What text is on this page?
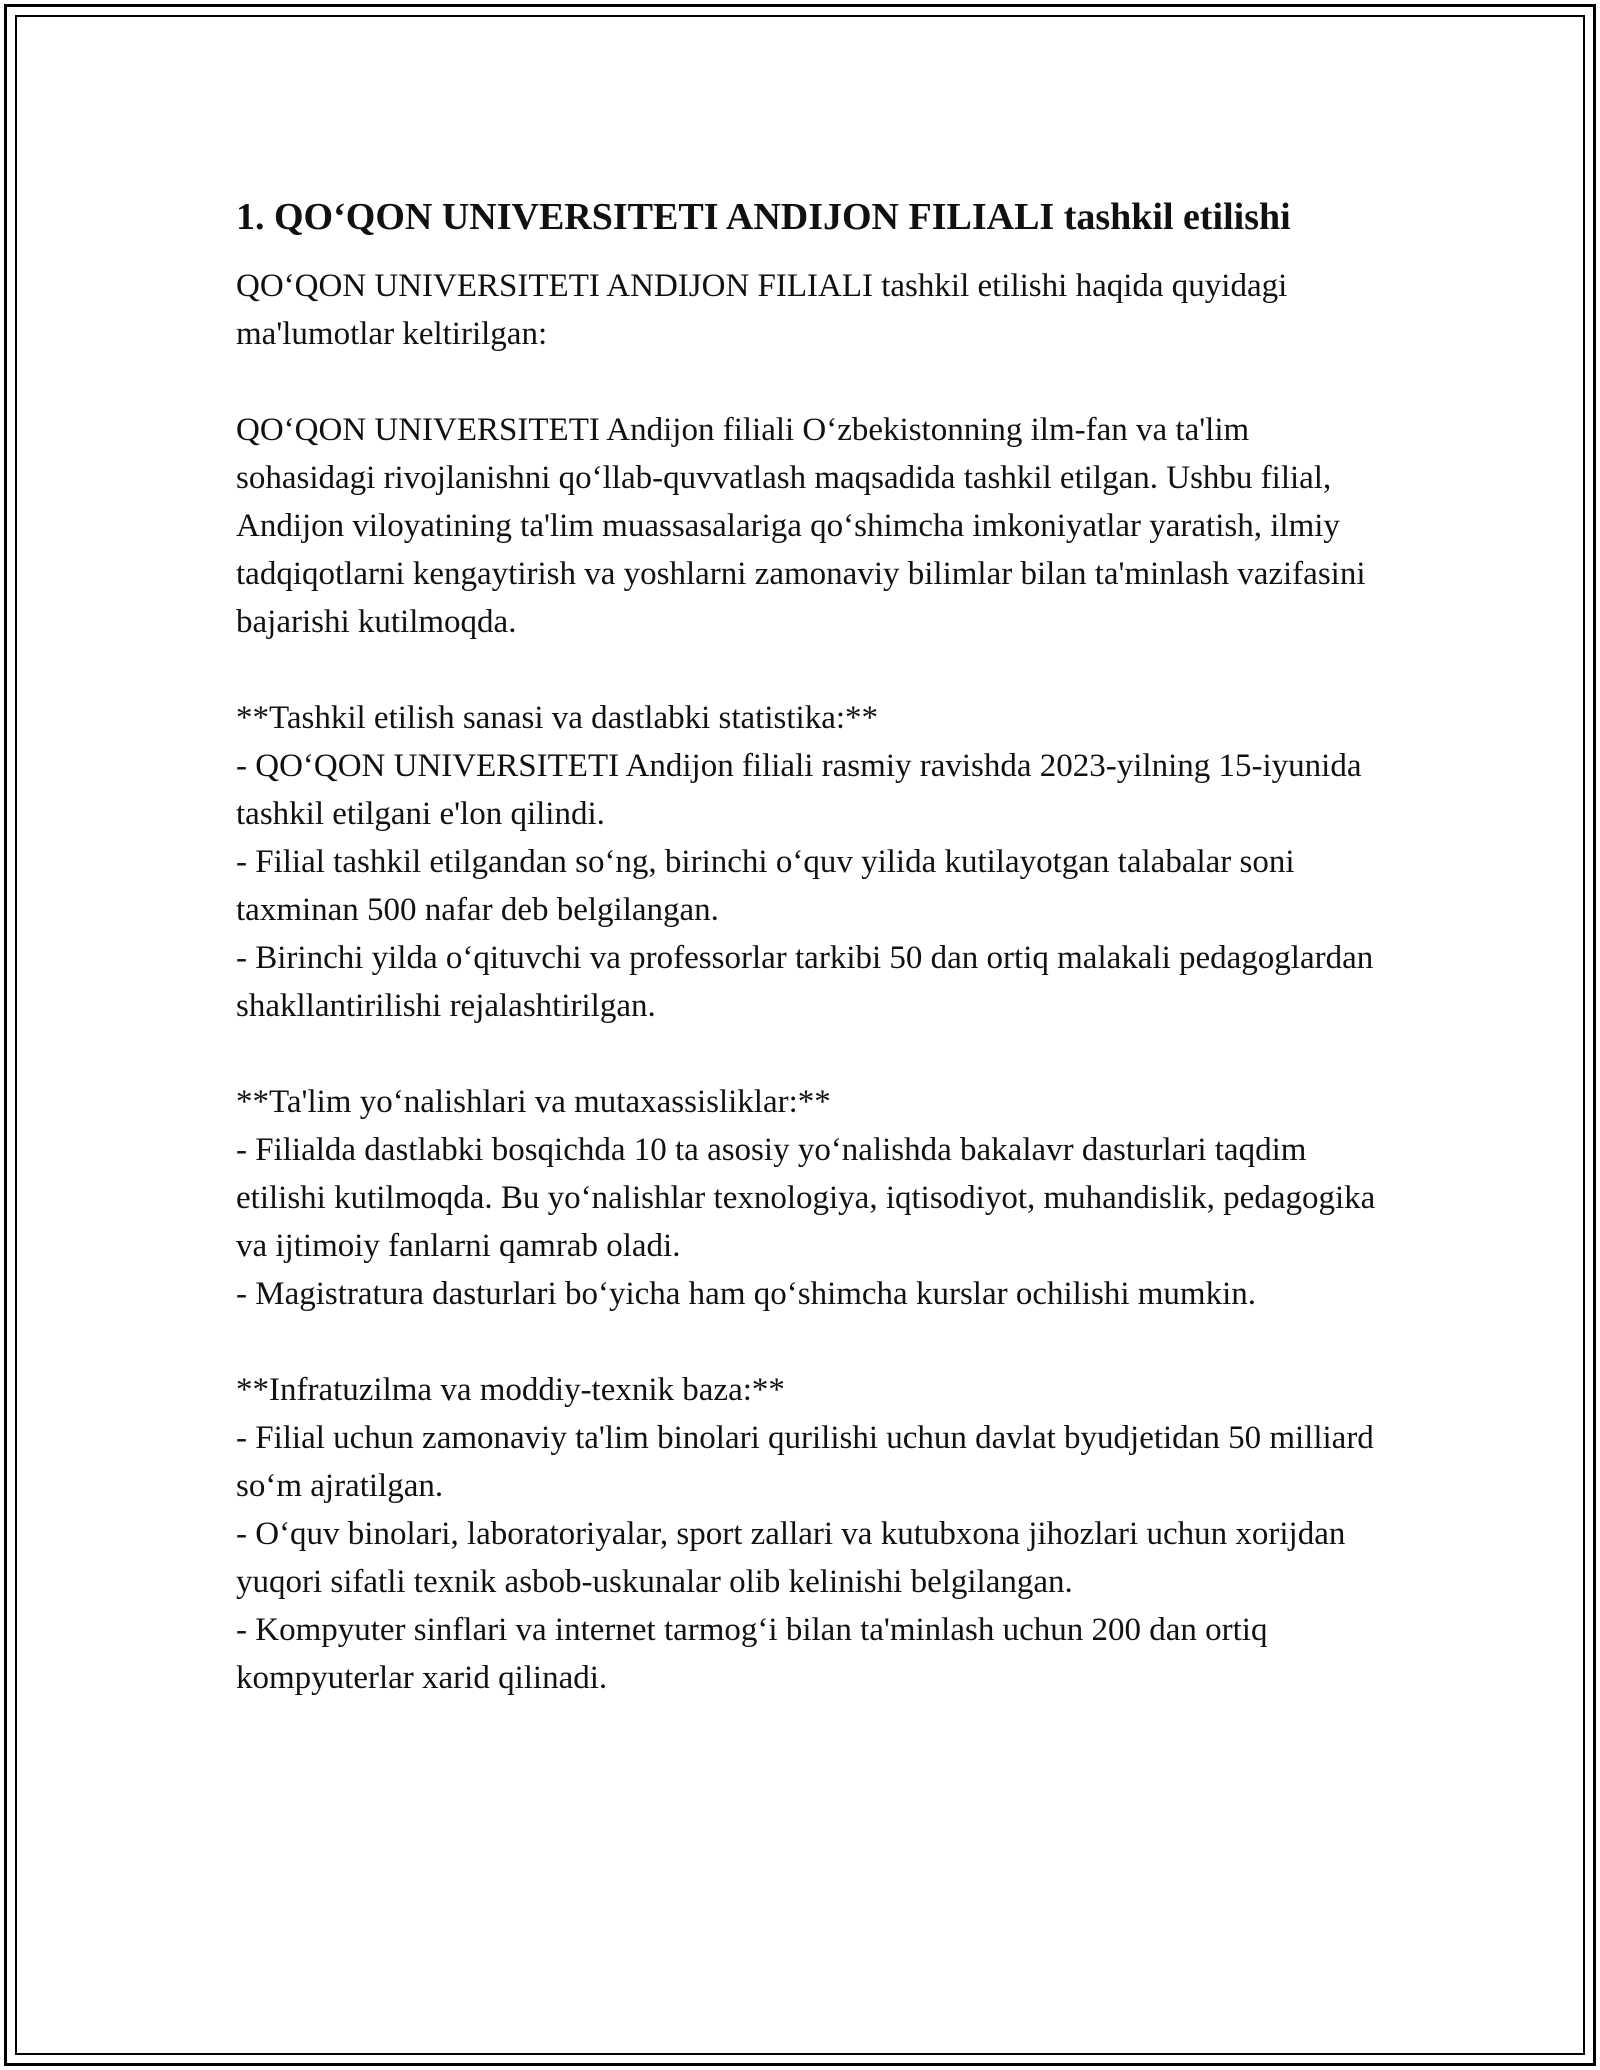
1. QO‘QON UNIVERSITETI ANDIJON FILIALI tashkil etilishi

QO‘QON UNIVERSITETI ANDIJON FILIALI tashkil etilishi haqida quyidagi ma'lumotlar keltirilgan:

QO‘QON UNIVERSITETI Andijon filiali O‘zbekistonning ilm-fan va ta'lim sohasidagi rivojlanishni qo‘llab-quvvatlash maqsadida tashkil etilgan. Ushbu filial, Andijon viloyatining ta'lim muassasalariga qo‘shimcha imkoniyatlar yaratish, ilmiy tadqiqotlarni kengaytirish va yoshlarni zamonaviy bilimlar bilan ta'minlash vazifasini bajarishi kutilmoqda.

**Tashkil etilish sanasi va dastlabki statistika:**
- QO‘QON UNIVERSITETI Andijon filiali rasmiy ravishda 2023-yilning 15-iyunida tashkil etilgani e'lon qilindi.
- Filial tashkil etilgandan so‘ng, birinchi o‘quv yilida kutilayotgan talabalar soni taxminan 500 nafar deb belgilangan.
- Birinchi yilda o‘qituvchi va professorlar tarkibi 50 dan ortiq malakali pedagoglardan shakllantirilishi rejalashtirilgan.
**Ta'lim yo‘nalishlari va mutaxassisliklar:**
- Filialda dastlabki bosqichda 10 ta asosiy yo‘nalishda bakalavr dasturlari taqdim etilishi kutilmoqda. Bu yo‘nalishlar texnologiya, iqtisodiyot, muhandislik, pedagogika va ijtimoiy fanlarni qamrab oladi.
- Magistratura dasturlari bo‘yicha ham qo‘shimcha kurslar ochilishi mumkin.
**Infratuzilma va moddiy-texnik baza:**
- Filial uchun zamonaviy ta'lim binolari qurilishi uchun davlat byudjetidan 50 milliard so‘m ajratilgan.
- O‘quv binolari, laboratoriyalar, sport zallari va kutubxona jihozlari uchun xorijdan yuqori sifatli texnik asbob-uskunalar olib kelinishi belgilangan.
- Kompyuter sinflari va internet tarmog‘i bilan ta'minlash uchun 200 dan ortiq kompyuterlar xarid qilinadi.
